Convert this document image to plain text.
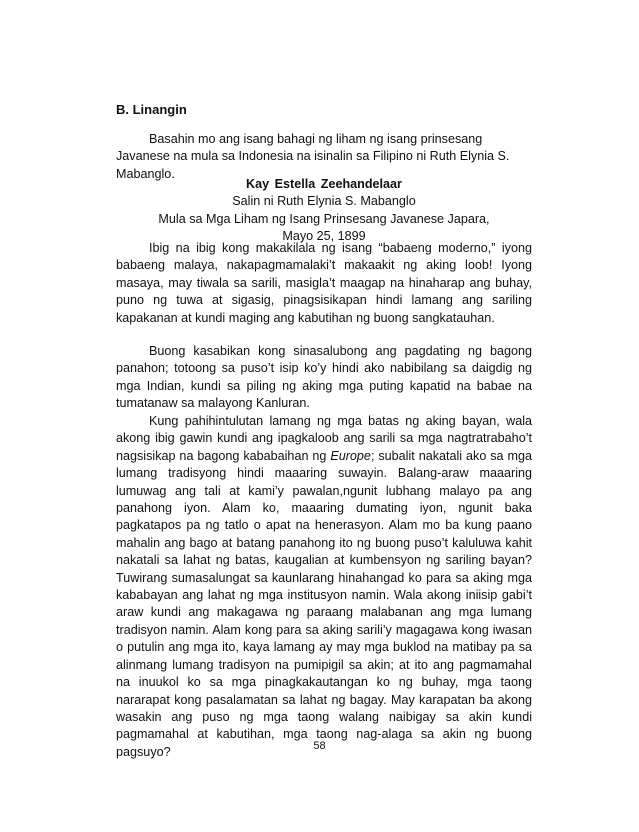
B. Linangin

Basahin mo ang isang bahagi ng liham ng isang prinsesang Javanese na mula sa Indonesia na isinalin sa Filipino ni Ruth Elynia S. Mabanglo.

Kay Estella Zeehandelaar
Salin ni Ruth Elynia S. Mabanglo
Mula sa Mga Liham ng Isang Prinsesang Javanese Japara,
Mayo 25, 1899

Ibig na ibig kong makakilala ng isang “babaeng moderno,” iyong babaeng malaya, nakapagmamalaki’t makaakit ng aking loob! Iyong masaya, may tiwala sa sarili, masigla’t maagap na hinaharap ang buhay, puno ng tuwa at sigasig, pinagsisikapan hindi lamang ang sariling kapakanan at kundi maging ang kabutihan ng buong sangkatauhan.

Buong kasabikan kong sinasalubong ang pagdating ng bagong panahon; totoong sa puso’t isip ko’y hindi ako nabibilang sa daigdig ng mga Indian, kundi sa piling ng aking mga puting kapatid na babae na tumatanaw sa malayong Kanluran.

Kung pahihintulutan lamang ng mga batas ng aking bayan, wala akong ibig gawin kundi ang ipagkaloob ang sarili sa mga nagtratrabaho’t nagsisikap na bagong kababaihan ng Europe; subalit nakatali ako sa mga lumang tradisyong hindi maaaring suwayin. Balang-araw maaaring lumuwag ang tali at kami’y pawalan,ngunit lubhang malayo pa ang panahong iyon. Alam ko, maaaring dumating iyon, ngunit baka pagkatapos pa ng tatlo o apat na henerasyon. Alam mo ba kung paano mahalin ang bago at batang panahong ito ng buong puso’t kaluluwa kahit nakatali sa lahat ng batas, kaugalian at kumbensyon ng sariling bayan? Tuwirang sumasalungat sa kaunlarang hinahangad ko para sa aking mga kababayan ang lahat ng mga institusyon namin. Wala akong iniisip gabi’t araw kundi ang makagawa ng paraang malabanan ang mga lumang tradisyon namin. Alam kong para sa aking sarili’y magagawa kong iwasan o putulin ang mga ito, kaya lamang ay may mga buklod na matibay pa sa alinmang lumang tradisyon na pumipigil sa akin; at ito ang pagmamahal na inuukol ko sa mga pinagkakautangan ko ng buhay, mga taong nararapat kong pasalamatan sa lahat ng bagay. May karapatan ba akong wasakin ang puso ng mga taong walang naibigay sa akin kundi pagmamahal at kabutihan, mga taong nag-alaga sa akin ng buong pagsuyo?	58
